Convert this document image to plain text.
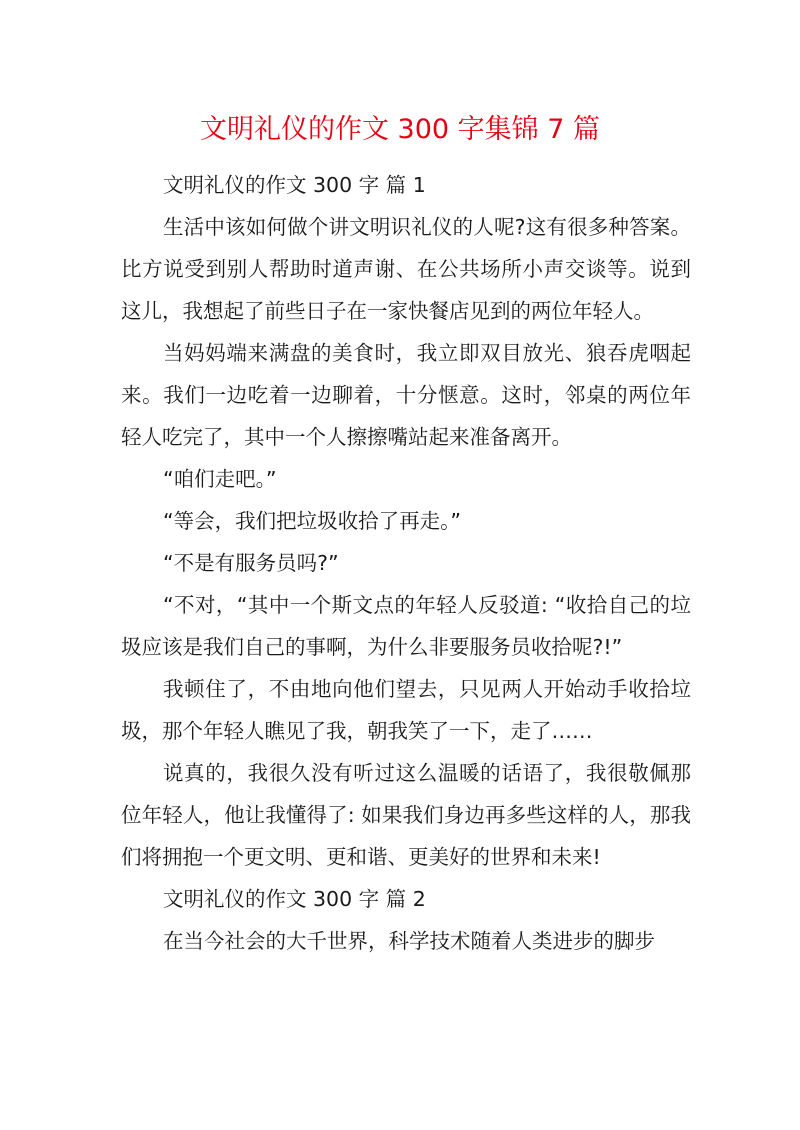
文明礼仪的作文 300 字集锦 7 篇

文明礼仪的作文 300 字 篇 1

生活中该如何做个讲文明识礼仪的人呢?这有很多种答案。比方说受到别人帮助时道声谢、在公共场所小声交谈等。说到这儿，我想起了前些日子在一家快餐店见到的两位年轻人。

当妈妈端来满盘的美食时，我立即双目放光、狼吞虎咽起来。我们一边吃着一边聊着，十分惬意。这时，邻桌的两位年轻人吃完了，其中一个人擦擦嘴站起来准备离开。

“咱们走吧。”

“等会，我们把垃圾收拾了再走。”

“不是有服务员吗?”

“不对，“其中一个斯文点的年轻人反驳道: “收拾自己的垃圾应该是我们自己的事啊，为什么非要服务员收拾呢?!”

我顿住了，不由地向他们望去，只见两人开始动手收拾垃圾，那个年轻人瞧见了我，朝我笑了一下，走了……

说真的，我很久没有听过这么温暖的话语了，我很敬佩那位年轻人，他让我懂得了: 如果我们身边再多些这样的人，那我们将拥抱一个更文明、更和谐、更美好的世界和未来!

文明礼仪的作文 300 字 篇 2

在当今社会的大千世界，科学技术随着人类进步的脚步
